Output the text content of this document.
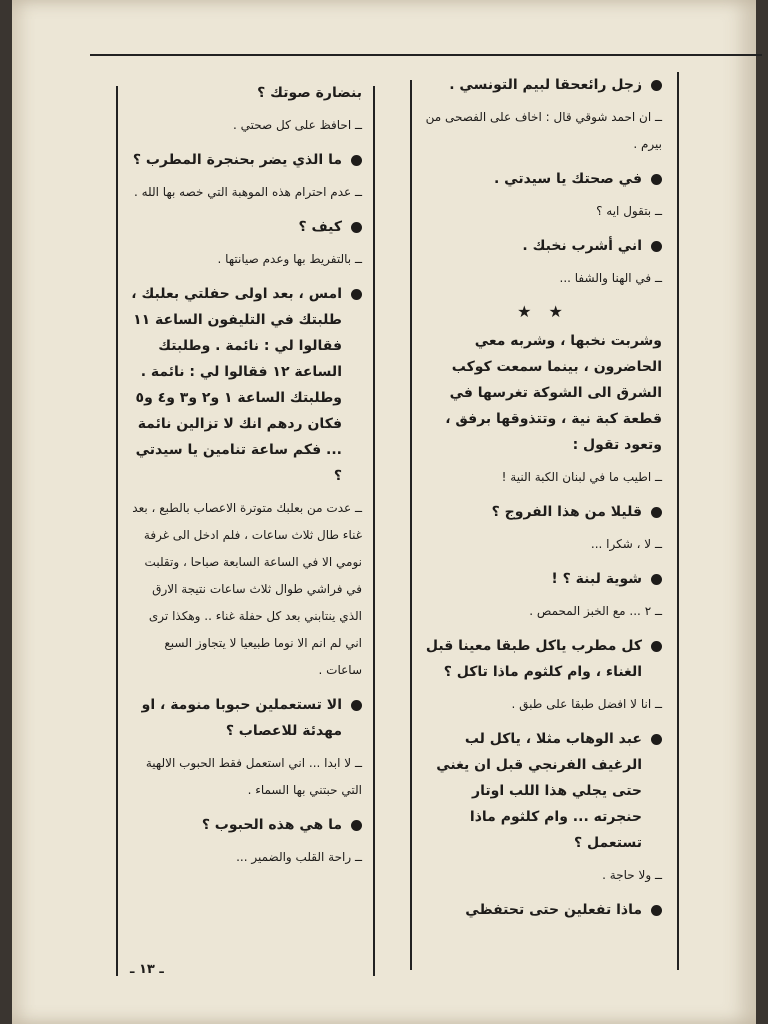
زجل رائعحقا لبيم التونسي .
ــ ان احمد شوقي قال : اخاف على الفصحى من بيرم .
في صحتك يا سيدتي .
ــ بتقول ايه ؟
اني أشرب نخبك .
ــ في الهنا والشفا ...
★ ★
وشربت نخبها ، وشربه معي الحاضرون ، بينما سمعت كوكب الشرق الى الشوكة تغرسها في قطعة كبة نية ، وتتذوقها برفق ، وتعود تقول :
ــ اطيب ما في لبنان الكبة النية !
قليلا من هذا الفروج ؟
ــ لا ، شكرا ...
شوية لبنة ؟ !
ــ ٢ ... مع الخبز المحمص .
كل مطرب ياكل طبقا معينا قبل الغناء ، وام كلثوم ماذا تاكل ؟
ــ انا لا افضل طبقا على طبق .
عبد الوهاب مثلا ، ياكل لب الرغيف الفرنجي قبل ان يغني حتى يجلي هذا اللب اوتار حنجرته ... وام كلثوم ماذا تستعمل ؟
ــ ولا حاجة .
ماذا تفعلين حتى تحتفظي
بنضارة صوتك ؟
ــ احافظ على كل صحتي .
ما الذي يضر بحنجرة المطرب ؟
ــ عدم احترام هذه الموهبة التي خصه بها الله .
كيف ؟
ــ بالتفريط بها وعدم صيانتها .
امس ، بعد اولى حفلتي بعلبك ، طلبتك في التليفون الساعة ١١ فقالوا لي : نائمة . وطلبتك الساعة ١٢ فقالوا لي : نائمة . وطلبتك الساعة ١ و٢ و٣ و٤ و٥ فكان ردهم انك لا تزالين نائمة ... فكم ساعة تنامين يا سيدتي ؟
ــ عدت من بعلبك متوترة الاعصاب بالطبع ، بعد غناء طال ثلاث ساعات ، فلم ادخل الى غرفة نومي الا في الساعة السابعة صباحا ، وتقلبت في فراشي طوال ثلاث ساعات نتيجة الارق الذي ينتابني بعد كل حفلة غناء .. وهكذا ترى اني لم انم الا نوما طبيعيا لا يتجاوز السبع ساعات .
الا تستعملين حبوبا منومة ، او مهدئة للاعصاب ؟
ــ لا ابدا ... اني استعمل فقط الحبوب الالهية التي حبتني بها السماء .
ما هي هذه الحبوب ؟
ــ راحة القلب والضمير ...
ـ ١٣ ـ
